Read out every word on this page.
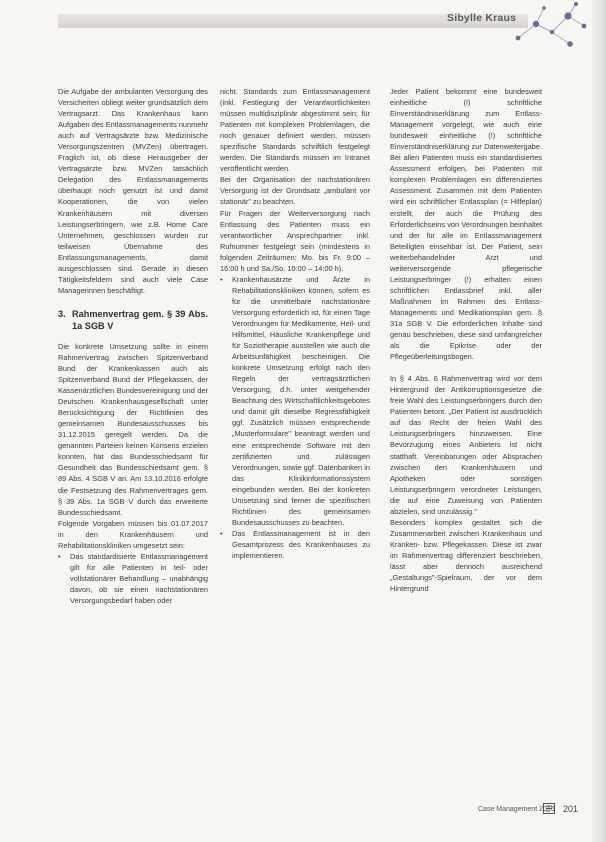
Sibylle Kraus

Die Aufgabe der ambulanten Versorgung des Versicherten obliegt weiter grundsätzlich dem Vertragsarzt. Das Krankenhaus kann Aufgaben des Entlassmanagements nunmehr auch auf Vertragsärzte bzw. Medizinische Versorgungszentren (MVZen) übertragen. Fraglich ist, ob diese Herausgeber der Vertragsärzte bzw. MVZen tatsächlich Delegation des Entlassmanagements überhaupt noch genutzt ist und damit Kooperationen, die von vielen Krankenhäusern mit diversen Leistungserbringern, wie z.B. Home Care Unternehmen, geschlossen wurden zur teilweisen Übernahme des Entlassungsmanagements, damit ausgeschlossen sind. Gerade in diesen Tätigkeitsfeldern sind auch viele Case Managerinnen beschäftigt.

3. Rahmenvertrag gem. § 39 Abs. 1a SGB V

Die konkrete Umsetzung sollte in einem Rahmenvertrag zwischen Spitzenverband Bund der Krankenkassen auch als Spitzenverband Bund der Pflegekassen, der Kassenärztlichen Bundesvereinigung und der Deutschen Krankenhausgesellschaft unter Berücksichtigung der Richtlinien des gemeinsamen Bundesausschusses bis 31.12.2015 geregelt werden. Da die genannten Parteien keinen Konsens erzielen konnten, hat das Bundesschiedsamt für Gesundheit das Bundesschiedsamt gem. § 89 Abs. 4 SGB V an. Am 13.10.2016 erfolgte die Festsetzung des Rahmenvertrages gem. § 39 Abs. 1a SGB V durch das erweiterte Bundesschiedsamt.

Folgende Vorgaben müssen bis 01.07.2017 in den Krankenhäusern und Rehabilitationskliniken umgesetzt sein:

• Das standardisierte Entlassmanagement gilt für alle Patienten in teil- oder vollstationärer Behandlung – unabhängig davon, ob sie einen nachstationären Versorgungsbedarf haben oder

nicht. Standards zum Entlassmanagement (inkl. Festlegung der Verantwortlichkeiten müssen multidisziplinär abgestimmt sein; für Patienten mit komplexen Problemlagen, die noch genauer definiert werden, müssen spezifische Standards schriftlich festgelegt werden. Die Standards müssen im Intranet veröffentlicht werden.

Bei der Organisation der nachstationären Versorgung ist der Grundsatz „ambulant vor stationär" zu beachten.

Für Fragen der Weiterversorgung nach Entlassung des Patienten muss ein verantwortlicher Ansprechpartner inkl. Rufnummer festgelegt sein (mindestens in folgenden Zeiträumen: Mo. bis Fr. 9:00 – 16:00 h und Sa./So. 10:00 – 14:00 h).

• Krankenhausärzte und Ärzte in Rehabilitationskliniken können, sofern es für die unmittelbare nachstationäre Versorgung erforderlich ist, für einen Tage Verordnungen für Medikamente, Heil- und Hilfsmittel, Häusliche Krankenpflege und für Soziotherapie ausstellen wie auch die Arbeitsunfähigkeit bescheinigen. Die konkrete Umsetzung erfolgt nach den Regeln der vertragsärztlichen Versorgung, d.h. unter weitgehender Beachtung des Wirtschaftlichkeitsgebotes und damit gilt dieselbe Regressfähigkeit ggf. Zusätzlich müssen entsprechende „Musterformulare" beantragt werden und eine entsprechende Software mit den zertifizierten und zulässigen Verordnungen, sowie ggf. Datenbanken in das Klinikinformationssystem eingebunden werden. Bei der konkreten Umsetzung sind ferner die spezifischen Richtlinien des gemeinsamen Bundesausschusses zu beachten.

• Das Entlassmanagement ist in den Gesamtprozess des Krankenhauses zu implementieren.

Jeder Patient bekommt eine bundesweit einheitliche (!) schriftliche Einverständniserklärung zum Entlass-Management vorgelegt, wie auch eine bundesweit einheitliche (!) schriftliche Einverständniserklärung zur Datenweitergabe. Bei allen Patienten muss ein standardisiertes Assessment erfolgen, bei Patienten mit komplexen Problemlagen ein differenziertes Assessment. Zusammen mit dem Patienten wird ein schriftlicher Entlassplan (= Hilfeplan) erstellt, der auch die Prüfung des Erforderlichseins von Verordnungen beinhaltet und der für alle im Entlassmanagement Beteiligten einsehbar ist. Der Patient, sein weiterbehandelnder Arzt und weiterversorgende pflegerische Leistungserbringer (!) erhalten einen schriftlichen Entlassbrief inkl. aller Maßnahmen im Rahmen des Entlass-Managements und Medikationsplan gem. § 31a SGB V. Die erforderlichen Inhalte sind genau beschrieben, diese sind umfangreicher als die Epikrise oder der Pflegeüberleitungsbogen.

In § 4 Abs. 6 Rahmenvertrag wird vor dem Hintergrund der Antikorruptionsgesetze die freie Wahl des Leistungserbringers durch den Patienten betont. „Der Patient ist ausdrücklich auf das Recht der freien Wahl des Leistungserbringers hinzuweisen. Eine Bevorzugung eines Anbieters ist nicht statthaft. Vereinbarungen oder Absprachen zwischen den Krankenhäusern und Apotheken oder sonstigen Leistungserbringern verordneter Leistungen, die auf eine Zuweisung von Patienten abzielen, sind unzulässig."

Besonders komplex gestaltet sich die Zusammenarbeit zwischen Krankenhaus und Kranken- bzw. Pflegekassen. Diese ist zwar im Rahmenvertrag differenziert beschrieben, lässt aber dennoch ausreichend „Gestaltungs"-Spielraum, der vor dem Hintergrund

Case Management 2016 201
